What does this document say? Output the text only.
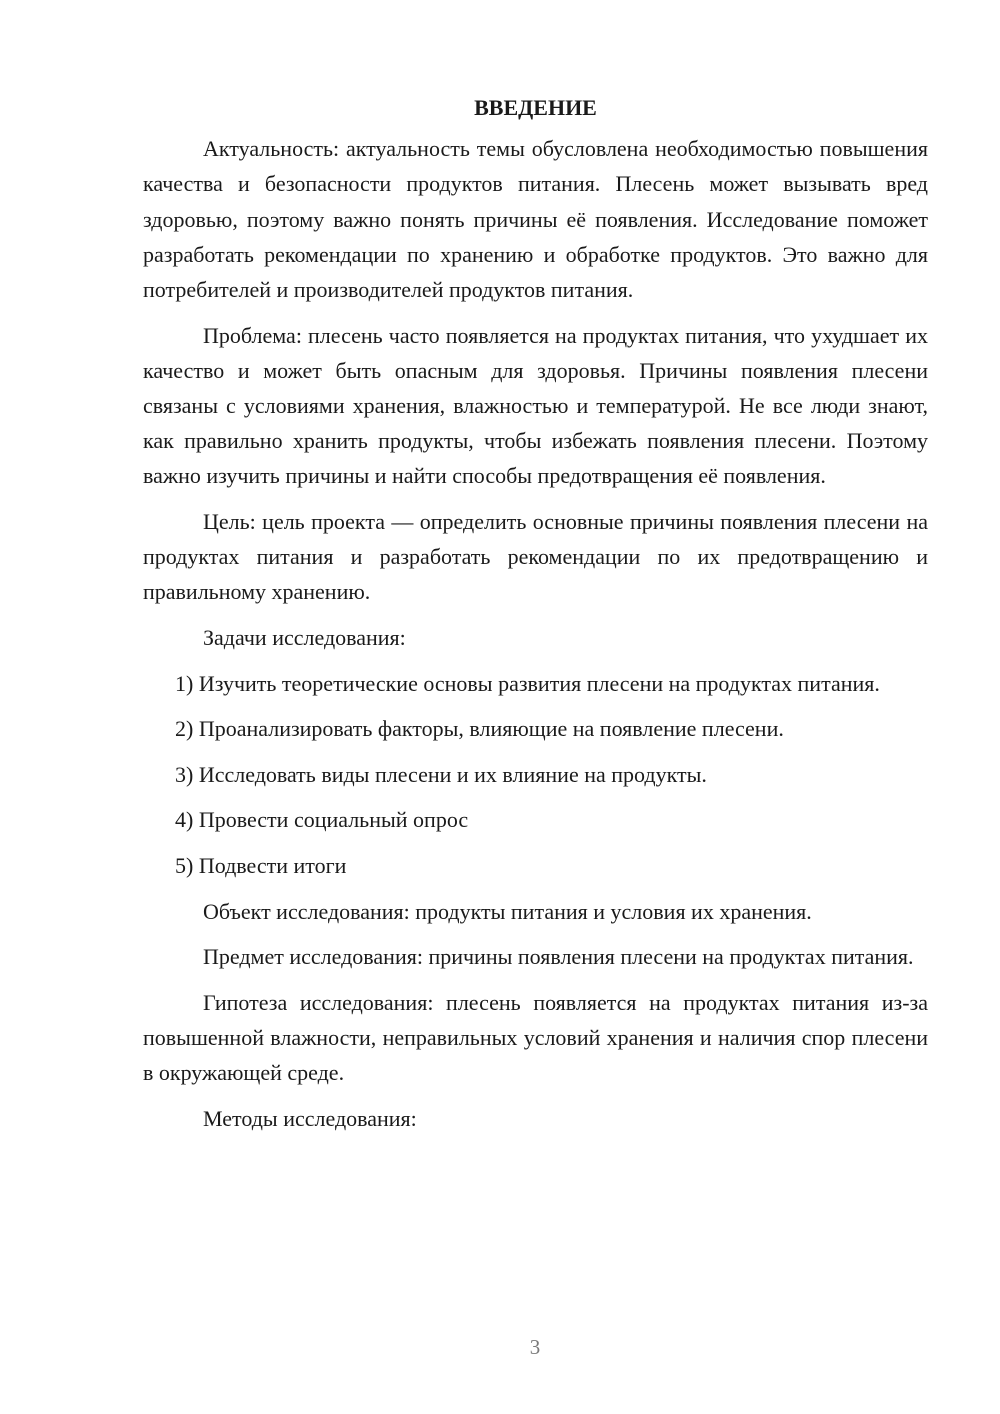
ВВЕДЕНИЕ

Актуальность: актуальность темы обусловлена необходимостью повышения качества и безопасности продуктов питания. Плесень может вызывать вред здоровью, поэтому важно понять причины её появления. Исследование поможет разработать рекомендации по хранению и обработке продуктов. Это важно для потребителей и производителей продуктов питания.

Проблема: плесень часто появляется на продуктах питания, что ухудшает их качество и может быть опасным для здоровья. Причины появления плесени связаны с условиями хранения, влажностью и температурой. Не все люди знают, как правильно хранить продукты, чтобы избежать появления плесени. Поэтому важно изучить причины и найти способы предотвращения её появления.

Цель: цель проекта — определить основные причины появления плесени на продуктах питания и разработать рекомендации по их предотвращению и правильному хранению.

Задачи исследования:

1) Изучить теоретические основы развития плесени на продуктах питания.

2) Проанализировать факторы, влияющие на появление плесени.

3) Исследовать виды плесени и их влияние на продукты.

4) Провести социальный опрос

5) Подвести итоги

Объект исследования: продукты питания и условия их хранения.

Предмет исследования: причины появления плесени на продуктах питания.

Гипотеза исследования: плесень появляется на продуктах питания из-за повышенной влажности, неправильных условий хранения и наличия спор плесени в окружающей среде.

Методы исследования:

3
